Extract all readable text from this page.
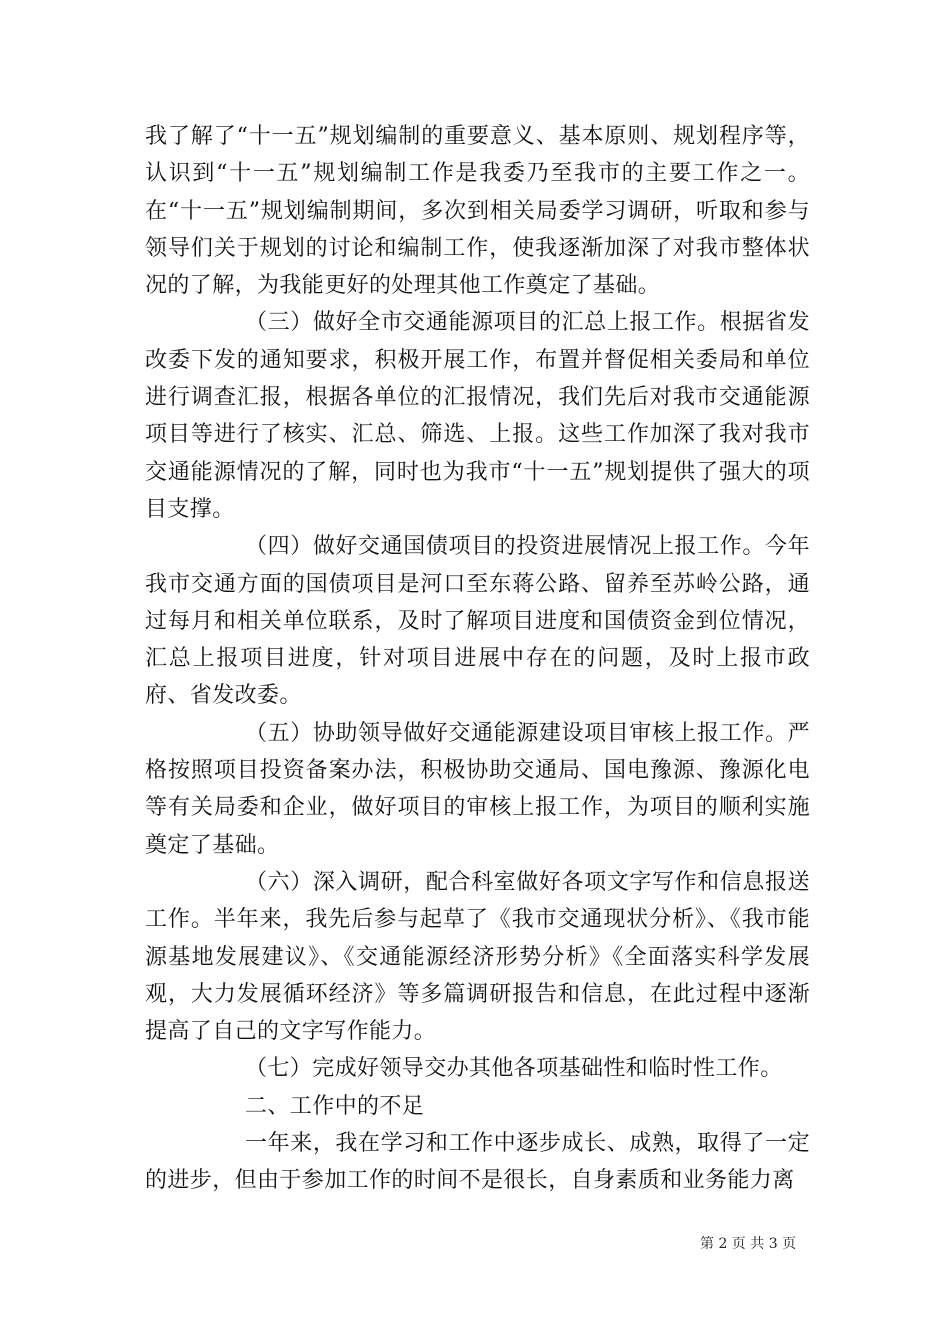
我了解了“十一五”规划编制的重要意义、基本原则、规划程序等，认识到“十一五”规划编制工作是我委乃至我市的主要工作之一。在“十一五”规划编制期间，多次到相关局委学习调研，听取和参与领导们关于规划的讨论和编制工作，使我逐渐加深了对我市整体状况的了解，为我能更好的处理其他工作奠定了基础。

（三）做好全市交通能源项目的汇总上报工作。根据省发改委下发的通知要求，积极开展工作，布置并督促相关委局和单位进行调查汇报，根据各单位的汇报情况，我们先后对我市交通能源项目等进行了核实、汇总、筛选、上报。这些工作加深了我对我市交通能源情况的了解，同时也为我市“十一五”规划提供了强大的项目支撑。

（四）做好交通国债项目的投资进展情况上报工作。今年我市交通方面的国债项目是河口至东蒋公路、留养至苏岭公路，通过每月和相关单位联系，及时了解项目进度和国债资金到位情况，汇总上报项目进度，针对项目进展中存在的问题，及时上报市政府、省发改委。

（五）协助领导做好交通能源建设项目审核上报工作。严格按照项目投资备案办法，积极协助交通局、国电豫源、豫源化电等有关局委和企业，做好项目的审核上报工作，为项目的顺利实施奠定了基础。

（六）深入调研，配合科室做好各项文字写作和信息报送工作。半年来，我先后参与起草了《我市交通现状分析》、《我市能源基地发展建议》、《交通能源经济形势分析》《全面落实科学发展观，大力发展循环经济》等多篇调研报告和信息，在此过程中逐渐提高了自己的文字写作能力。

（七）完成好领导交办其他各项基础性和临时性工作。

二、工作中的不足

一年来，我在学习和工作中逐步成长、成熟，取得了一定的进步，但由于参加工作的时间不是很长，自身素质和业务能力离

第 2 页 共 3 页
